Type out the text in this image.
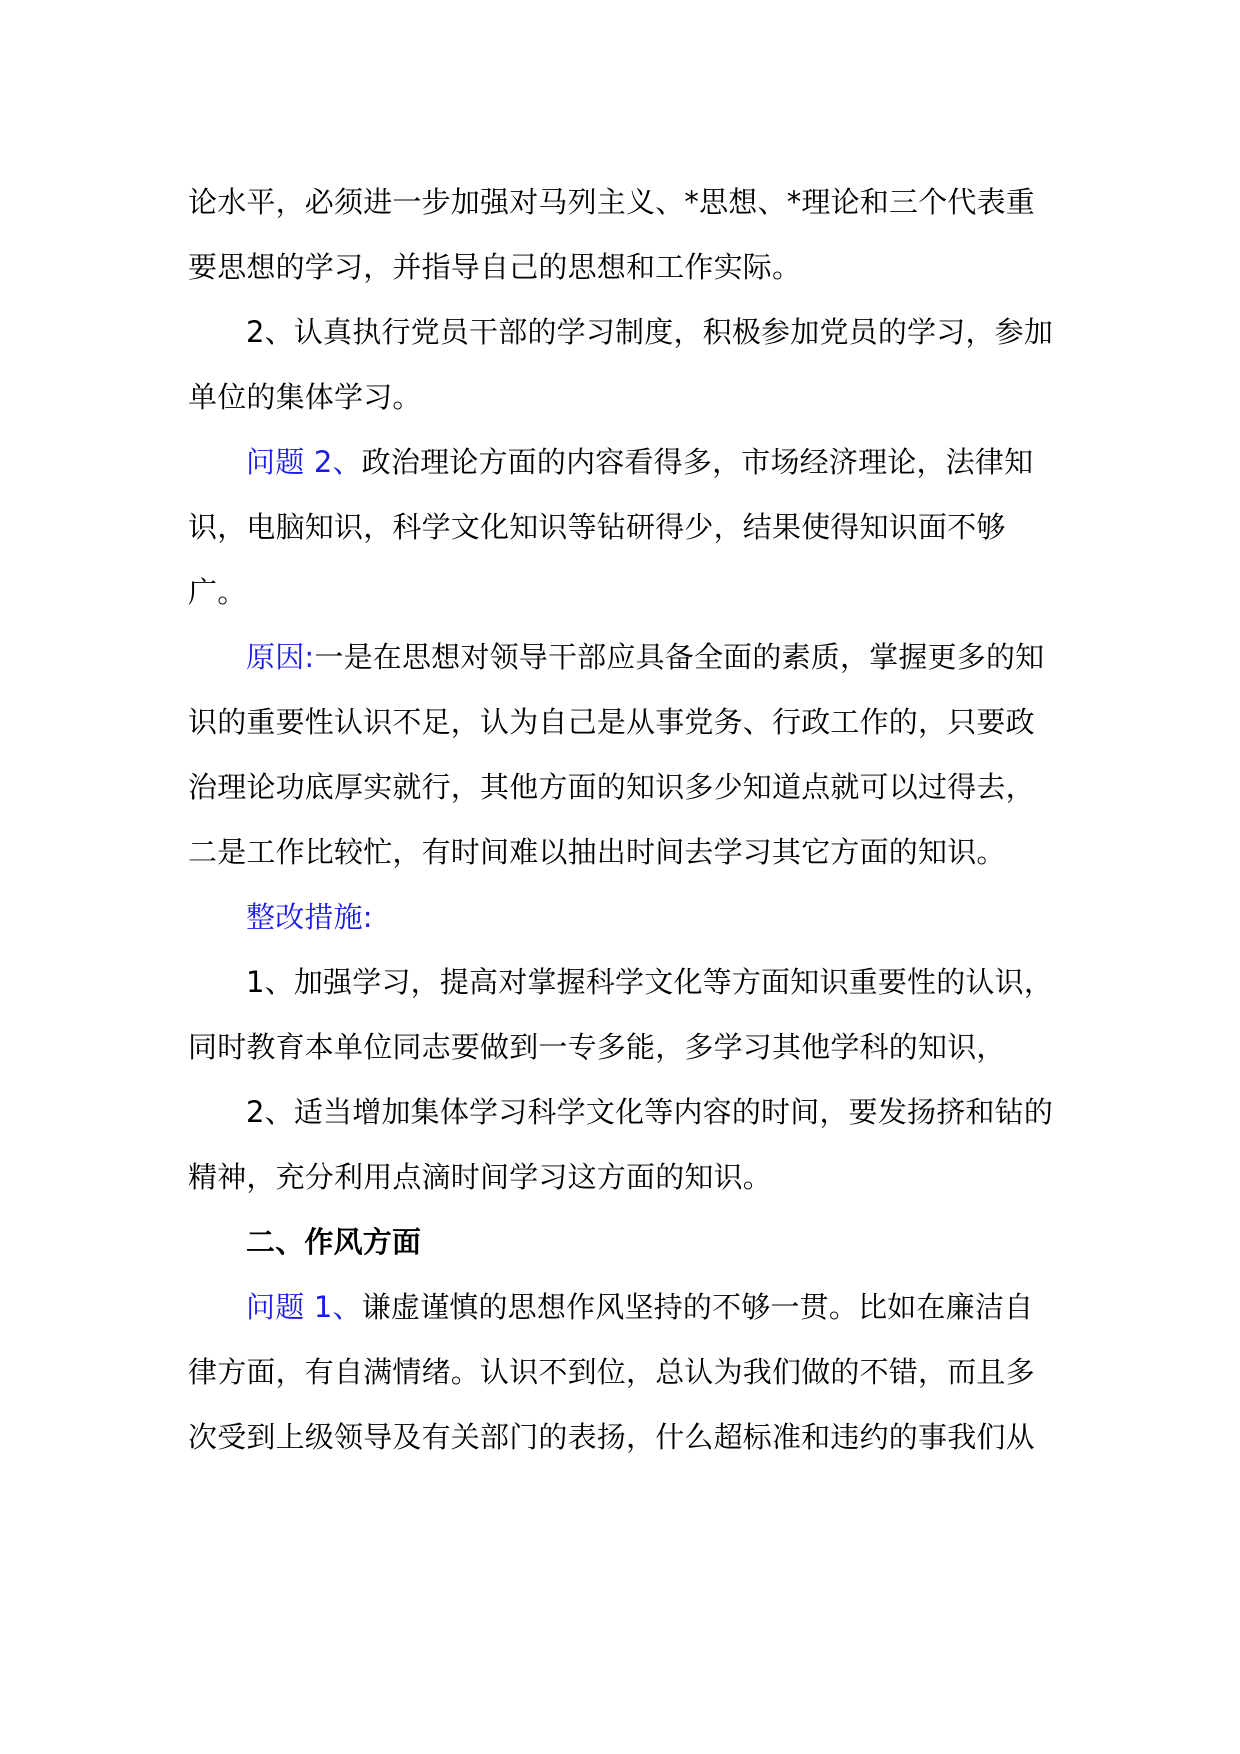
论水平，必须进一步加强对马列主义、*思想、*理论和三个代表重
要思想的学习，并指导自己的思想和工作实际。

2、认真执行党员干部的学习制度，积极参加党员的学习，参加
单位的集体学习。

问题 2、政治理论方面的内容看得多，市场经济理论，法律知
识，电脑知识，科学文化知识等钻研得少，结果使得知识面不够
广。

原因:一是在思想对领导干部应具备全面的素质，掌握更多的知
识的重要性认识不足，认为自己是从事党务、行政工作的，只要政
治理论功底厚实就行，其他方面的知识多少知道点就可以过得去，
二是工作比较忙，有时间难以抽出时间去学习其它方面的知识。

整改措施:

1、加强学习，提高对掌握科学文化等方面知识重要性的认识，
同时教育本单位同志要做到一专多能，多学习其他学科的知识，

2、适当增加集体学习科学文化等内容的时间，要发扬挤和钻的
精神，充分利用点滴时间学习这方面的知识。

二、作风方面

问题 1、谦虚谨慎的思想作风坚持的不够一贯。比如在廉洁自
律方面，有自满情绪。认识不到位，总认为我们做的不错，而且多
次受到上级领导及有关部门的表扬，什么超标准和违约的事我们从
